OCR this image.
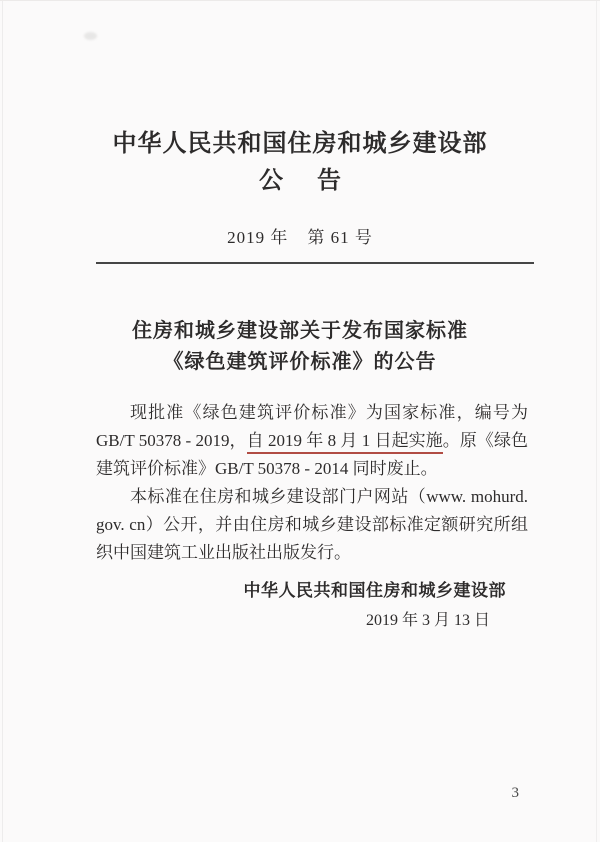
中华人民共和国住房和城乡建设部
公 告
2019 年 第 61 号
住房和城乡建设部关于发布国家标准
《绿色建筑评价标准》的公告

现批准《绿色建筑评价标准》为国家标准，编号为 GB/T 50378 - 2019，自 2019 年 8 月 1 日起实施。原《绿色建筑评价标准》GB/T 50378 - 2014 同时废止。

本标准在住房和城乡建设部门户网站（www. mohurd. gov. cn）公开，并由住房和城乡建设部标准定额研究所组织中国建筑工业出版社出版发行。

中华人民共和国住房和城乡建设部
2019 年 3 月 13 日
3
